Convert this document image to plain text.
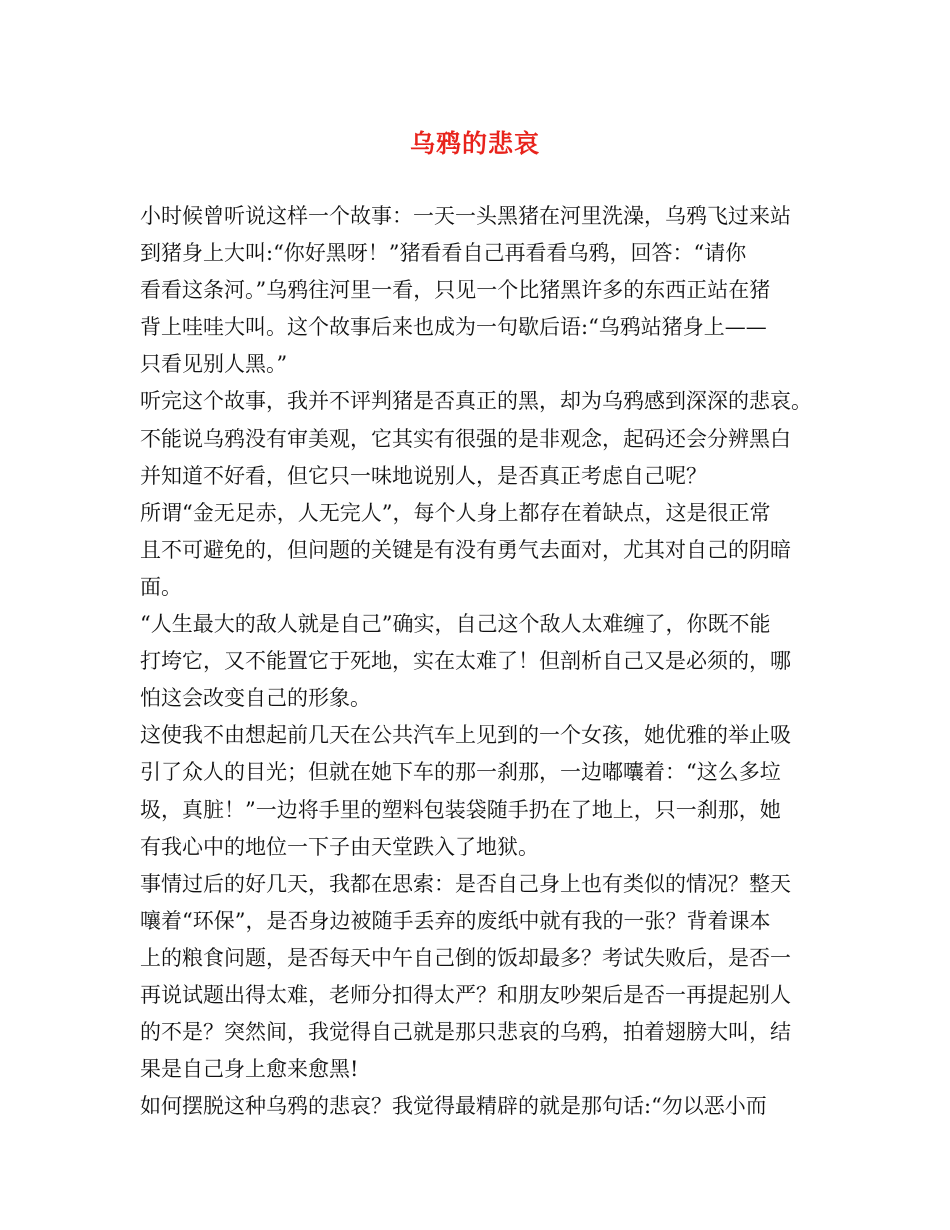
乌鸦的悲哀
小时候曾听说这样一个故事：一天一头黑猪在河里洗澡，乌鸦飞过来站
到猪身上大叫:“你好黑呀！”猪看看自己再看看乌鸦，回答：“请你
看看这条河。”乌鸦往河里一看，只见一个比猪黑许多的东西正站在猪
背上哇哇大叫。这个故事后来也成为一句歇后语:“乌鸦站猪身上——
只看见别人黑。”
听完这个故事，我并不评判猪是否真正的黑，却为乌鸦感到深深的悲哀。
不能说乌鸦没有审美观，它其实有很强的是非观念，起码还会分辨黑白
并知道不好看，但它只一味地说别人，是否真正考虑自己呢？
所谓“金无足赤，人无完人”，每个人身上都存在着缺点，这是很正常
且不可避免的，但问题的关键是有没有勇气去面对，尤其对自己的阴暗
面。
“人生最大的敌人就是自己”确实，自己这个敌人太难缠了，你既不能
打垮它，又不能置它于死地，实在太难了！但剖析自己又是必须的，哪
怕这会改变自己的形象。
这使我不由想起前几天在公共汽车上见到的一个女孩，她优雅的举止吸
引了众人的目光；但就在她下车的那一刹那，一边嘟囔着：“这么多垃
圾，真脏！”一边将手里的塑料包装袋随手扔在了地上，只一刹那，她
有我心中的地位一下子由天堂跌入了地狱。
事情过后的好几天，我都在思索：是否自己身上也有类似的情况？整天
嚷着“环保”，是否身边被随手丢弃的废纸中就有我的一张？背着课本
上的粮食问题，是否每天中午自己倒的饭却最多？考试失败后，是否一
再说试题出得太难，老师分扣得太严？和朋友吵架后是否一再提起别人
的不是？突然间，我觉得自己就是那只悲哀的乌鸦，拍着翅膀大叫，结
果是自己身上愈来愈黑!
如何摆脱这种乌鸦的悲哀？我觉得最精辟的就是那句话:“勿以恶小而
